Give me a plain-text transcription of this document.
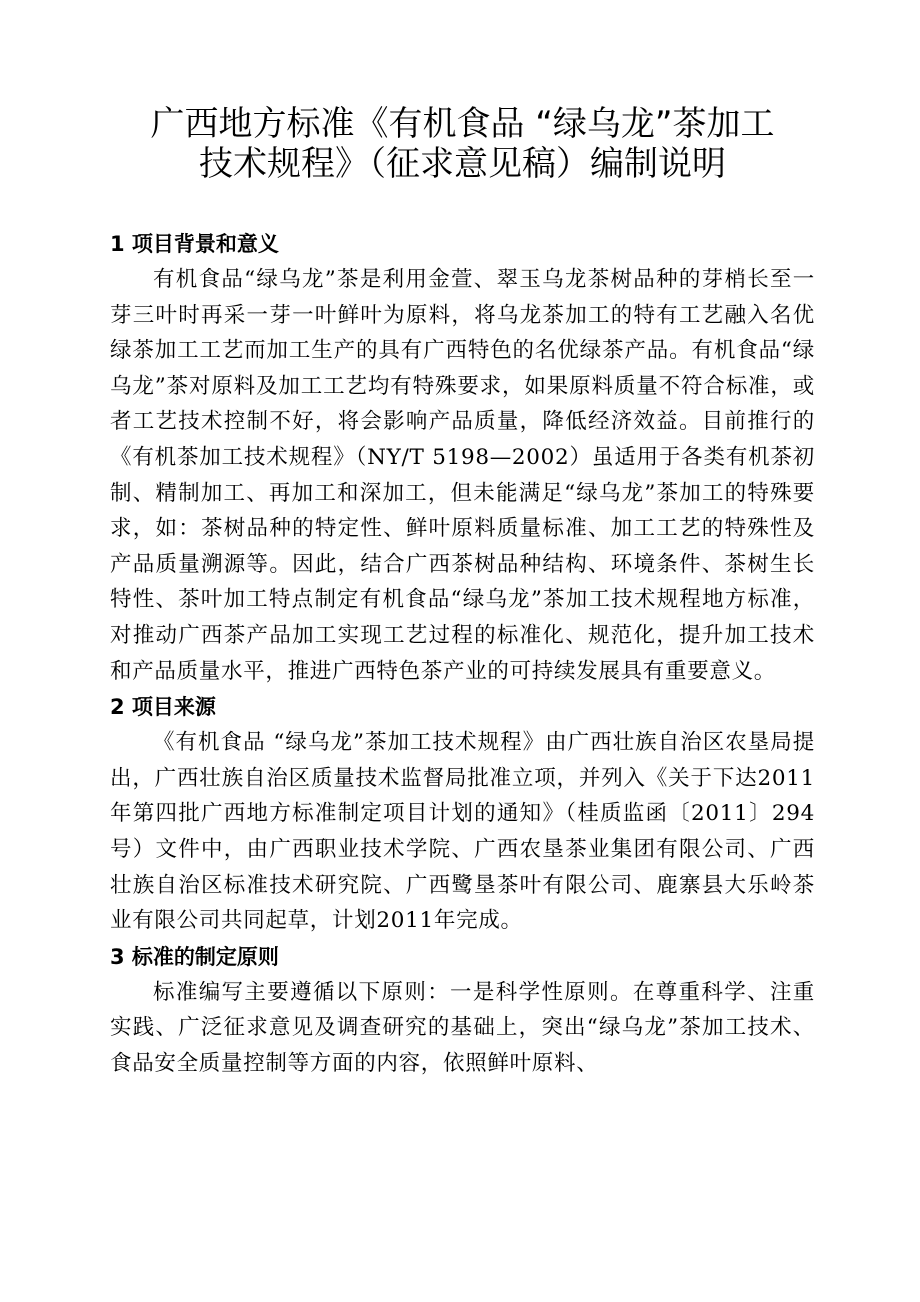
广西地方标准《有机食品 “绿乌龙”茶加工
技术规程》（征求意见稿）编制说明
1 项目背景和意义

有机食品“绿乌龙”茶是利用金萱、翠玉乌龙茶树品种的芽梢长至一芽三叶时再采一芽一叶鲜叶为原料，将乌龙茶加工的特有工艺融入名优绿茶加工工艺而加工生产的具有广西特色的名优绿茶产品。有机食品“绿乌龙”茶对原料及加工工艺均有特殊要求，如果原料质量不符合标准，或者工艺技术控制不好，将会影响产品质量，降低经济效益。目前推行的《有机茶加工技术规程》（NY/T 5198—2002）虽适用于各类有机茶初制、精制加工、再加工和深加工，但未能满足“绿乌龙”茶加工的特殊要求，如：茶树品种的特定性、鲜叶原料质量标准、加工工艺的特殊性及产品质量溯源等。因此，结合广西茶树品种结构、环境条件、茶树生长特性、茶叶加工特点制定有机食品“绿乌龙”茶加工技术规程地方标准，对推动广西茶产品加工实现工艺过程的标准化、规范化，提升加工技术和产品质量水平，推进广西特色茶产业的可持续发展具有重要意义。

2 项目来源

《有机食品 “绿乌龙”茶加工技术规程》由广西壮族自治区农垦局提出，广西壮族自治区质量技术监督局批准立项，并列入《关于下达2011年第四批广西地方标准制定项目计划的通知》（桂质监函〔2011〕294号）文件中，由广西职业技术学院、广西农垦茶业集团有限公司、广西壮族自治区标准技术研究院、广西鹭垦茶叶有限公司、鹿寨县大乐岭茶业有限公司共同起草，计划2011年完成。

3 标准的制定原则

标准编写主要遵循以下原则：一是科学性原则。在尊重科学、注重实践、广泛征求意见及调查研究的基础上，突出“绿乌龙”茶加工技术、食品安全质量控制等方面的内容，依照鲜叶原料、
